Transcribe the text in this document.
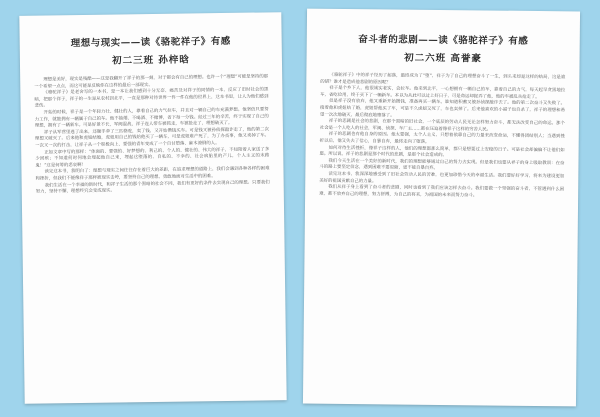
理想与现实——读《骆驼祥子》有感
初二三班 孙梓晗

理想是美好，现实是残酷——这是我翻开了祥子的那一刻，对于都会有自己的理想。也许一个“理想”可能是坚持的那一个希望一点点，而这可能是反映你在这样的最后一部现实。

《骆驼祥子》是老舍写的一本书，是一本让我们感到十分无奈、痛苦及对祥子的同情的一本，反应了旧时社会的黑暗，把那个祥子，祥子的一生是从农村到北平，一直是那种对待世界一件一件在他的世界上，这本书里，让人为他们感到悲伤。

开始的时候，祥子是一个年轻力壮、健壮的人，靠着自己的力气拉车，并且对一辆自己的车充满梦想。他坚信只要努力工作，就能拥有一辆属于自己的车。他不抽烟、不喝酒、不赌博，省下每一分钱。经过三年的辛苦，终于实现了自己的理想，拥有了一辆新车。可是好景不长，军阀混战，祥子连人带车被抓走，车被抢走了，理想破灭了。

祥子从军营里逃了出来，还顺手牵了三匹骆驼，卖了钱，又开始攒钱买车。可是钱又被孙侦探敲诈走了，他的第二次理想又破灭了。后来他和虎妞结婚，虎妞用自己的钱给他买了一辆车，可是虎妞难产死了，为了办丧事，他又卖掉了车。一次又一次的打击，让祥子从一个积极向上、要强的青年变成了一个自甘堕落、麻木潦倒的人。

正如文章中写的那样：“体面的、要强的、好梦想的、利己的、个人的、健壮的、伟大的祥子，不知陪着人家送了多少回殡；不知道何时何地会埋起他自己来，埋起这堕落的、自私的、不幸的、社会病胎里的产儿，个人主义的末路鬼！”这是何等的悲哀啊！

读完这本书，我明白了：理想与现实之间往往存在着巨大的差距，在追求理想的道路上，我们会遇到各种各样的困难和挫折，但我们不能像祥子那样被现实击垮，要坚持自己的理想，勇敢地面对生活中的困难。

我们生活在一个幸福的新时代，和祥子生活的那个黑暗的社会不同，我们有更好的条件去实现自己的理想。只要我们努力，坚持不懈，理想终究会变成现实。

奋斗者的悲剧——读《骆驼祥子》有感
初二六班 高誉豪

《骆驼祥子》中的祥子经历了起落，最终成为了“堕”，祥子为了自己的理想奋斗了一生，到头来却是这样的结局，这是谁的错？谁才是造成他悲剧的原因呢？

祥子是个乡下人，他很诚实老实，会拉车。他来到北平，一心想拥有一辆自己的车，靠着自己的力气，每天起早贪黑地拉车，省吃俭用，终于买下了一辆新车。本以为从此可以过上好日子，可是命运却捉弄了他，他的车被乱兵抢走了。

但是祥子没有放弃，他又重新开始攒钱，准备再买一辆车。谁知道积蓄又被孙侦探敲诈去了。他的第二次奋斗又失败了。接着他和虎妞结了婚，虎妞帮他买了车，可是不久虎妞又死了，车也卖掉了。后来他喜欢的小福子也自杀了，祥子的理想和希望一次次地破灭，最后彻底地堕落了。

祥子的悲剧是社会的悲剧，在那个黑暗的旧社会，一个底层的劳动人民无论怎样努力奋斗，都无法改变自己的命运。那个社会是一个人吃人的社会，军阀、侦探、车厂主……都在压迫着像祥子这样的穷苦人民。

祥子的悲剧也有他自身的原因。他太要强，太个人主义，只想着依靠自己的力量来改变命运，不懂得团结别人；当遇到挫折以后，他又失去了信心，自暴自弃，最终走向了堕落。

如何对待生活挫折，像祥子这样的人，他们的理想都那么简单，都只是想要过上安稳的日子。可是社会却偏偏不让他们如愿。所以说，祥子的悲剧是那个时代的悲剧，是那个社会造成的。

我们今天生活在一个美好的新时代，我们的理想能够通过自己的努力去实现。但是我们也要从祥子的身上吸取教训：在奋斗的路上要坚定信念，遇到困难不要退缩，更不能自暴自弃。

读完这本书，我深深地感受到了旧社会劳动人民的苦难，也更加珍惜今天的幸福生活。我们要好好学习，将来为建设更加美好的祖国贡献自己的力量。

我们从祥子身上看到了奋斗者的悲剧，同时也看到了我们应该怎样去奋斗。我们要做一个坚强的奋斗者，不管遇到什么困难，都不放弃自己的理想，努力拼搏，为自己的将来，为祖国的未来而努力奋斗。
